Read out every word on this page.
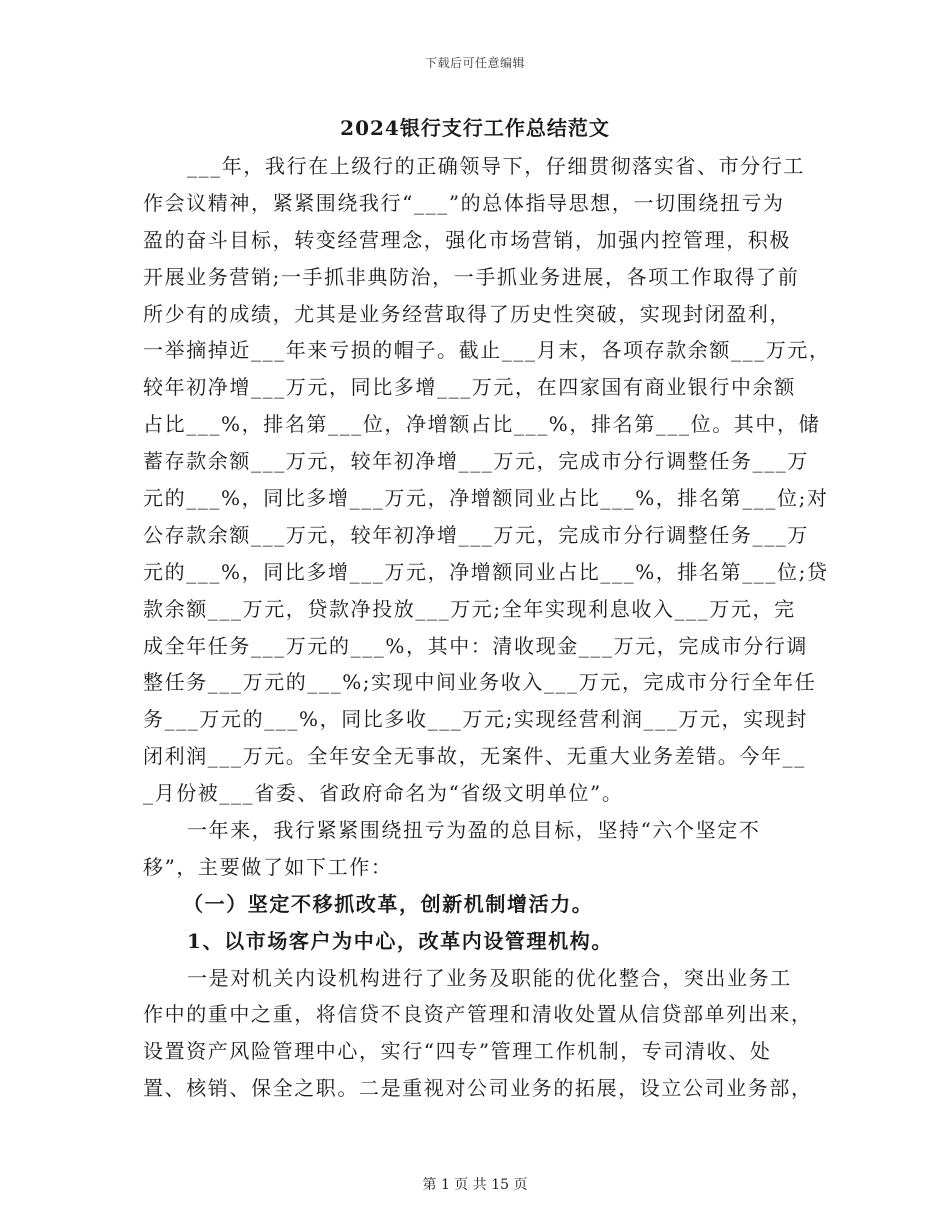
下载后可任意编辑
2024银行支行工作总结范文
___年，我行在上级行的正确领导下，仔细贯彻落实省、市分行工
作会议精神，紧紧围绕我行“___”的总体指导思想，一切围绕扭亏为
盈的奋斗目标，转变经营理念，强化市场营销，加强内控管理，积极
开展业务营销;一手抓非典防治，一手抓业务进展，各项工作取得了前
所少有的成绩，尤其是业务经营取得了历史性突破，实现封闭盈利，
一举摘掉近___年来亏损的帽子。截止___月末，各项存款余额___万元，
较年初净增___万元，同比多增___万元，在四家国有商业银行中余额
占比___%，排名第___位，净增额占比___%，排名第___位。其中，储
蓄存款余额___万元，较年初净增___万元，完成市分行调整任务___万
元的___%，同比多增___万元，净增额同业占比___%，排名第___位;对
公存款余额___万元，较年初净增___万元，完成市分行调整任务___万
元的___%，同比多增___万元，净增额同业占比___%，排名第___位;贷
款余额___万元，贷款净投放___万元;全年实现利息收入___万元，完
成全年任务___万元的___%，其中：清收现金___万元，完成市分行调
整任务___万元的___%;实现中间业务收入___万元，完成市分行全年任
务___万元的___%，同比多收___万元;实现经营利润___万元，实现封
闭利润___万元。全年安全无事故，无案件、无重大业务差错。今年__
_月份被___省委、省政府命名为“省级文明单位”。
一年来，我行紧紧围绕扭亏为盈的总目标，坚持“六个坚定不
移”，主要做了如下工作：
（一）坚定不移抓改革，创新机制增活力。
1、以市场客户为中心，改革内设管理机构。
一是对机关内设机构进行了业务及职能的优化整合，突出业务工
作中的重中之重，将信贷不良资产管理和清收处置从信贷部单列出来，
设置资产风险管理中心，实行“四专”管理工作机制，专司清收、处
置、核销、保全之职。二是重视对公司业务的拓展，设立公司业务部，
第 1 页 共 15 页
